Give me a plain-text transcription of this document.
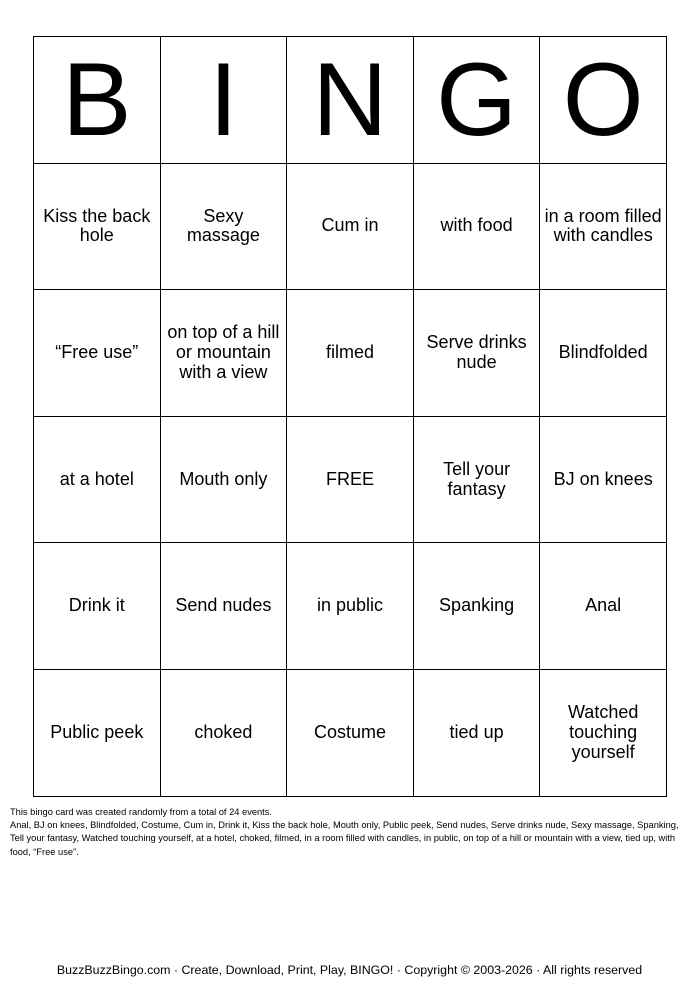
B	I	N	G	O
Kiss the back hole	Sexy massage	Cum in	with food	in a room filled with candles
“Free use”	on top of a hill or mountain with a view	filmed	Serve drinks nude	Blindfolded
at a hotel	Mouth only	FREE	Tell your fantasy	BJ on knees
Drink it	Send nudes	in public	Spanking	Anal
Public peek	choked	Costume	tied up	Watched touching yourself
This bingo card was created randomly from a total of 24 events.
Anal, BJ on knees, Blindfolded, Costume, Cum in, Drink it, Kiss the back hole, Mouth only, Public peek, Send nudes, Serve drinks nude, Sexy massage, Spanking, Tell your fantasy, Watched touching yourself, at a hotel, choked, filmed, in a room filled with candles, in public, on top of a hill or mountain with a view, tied up, with food, “Free use”.
BuzzBuzzBingo.com · Create, Download, Print, Play, BINGO! · Copyright © 2003-2026 · All rights reserved
